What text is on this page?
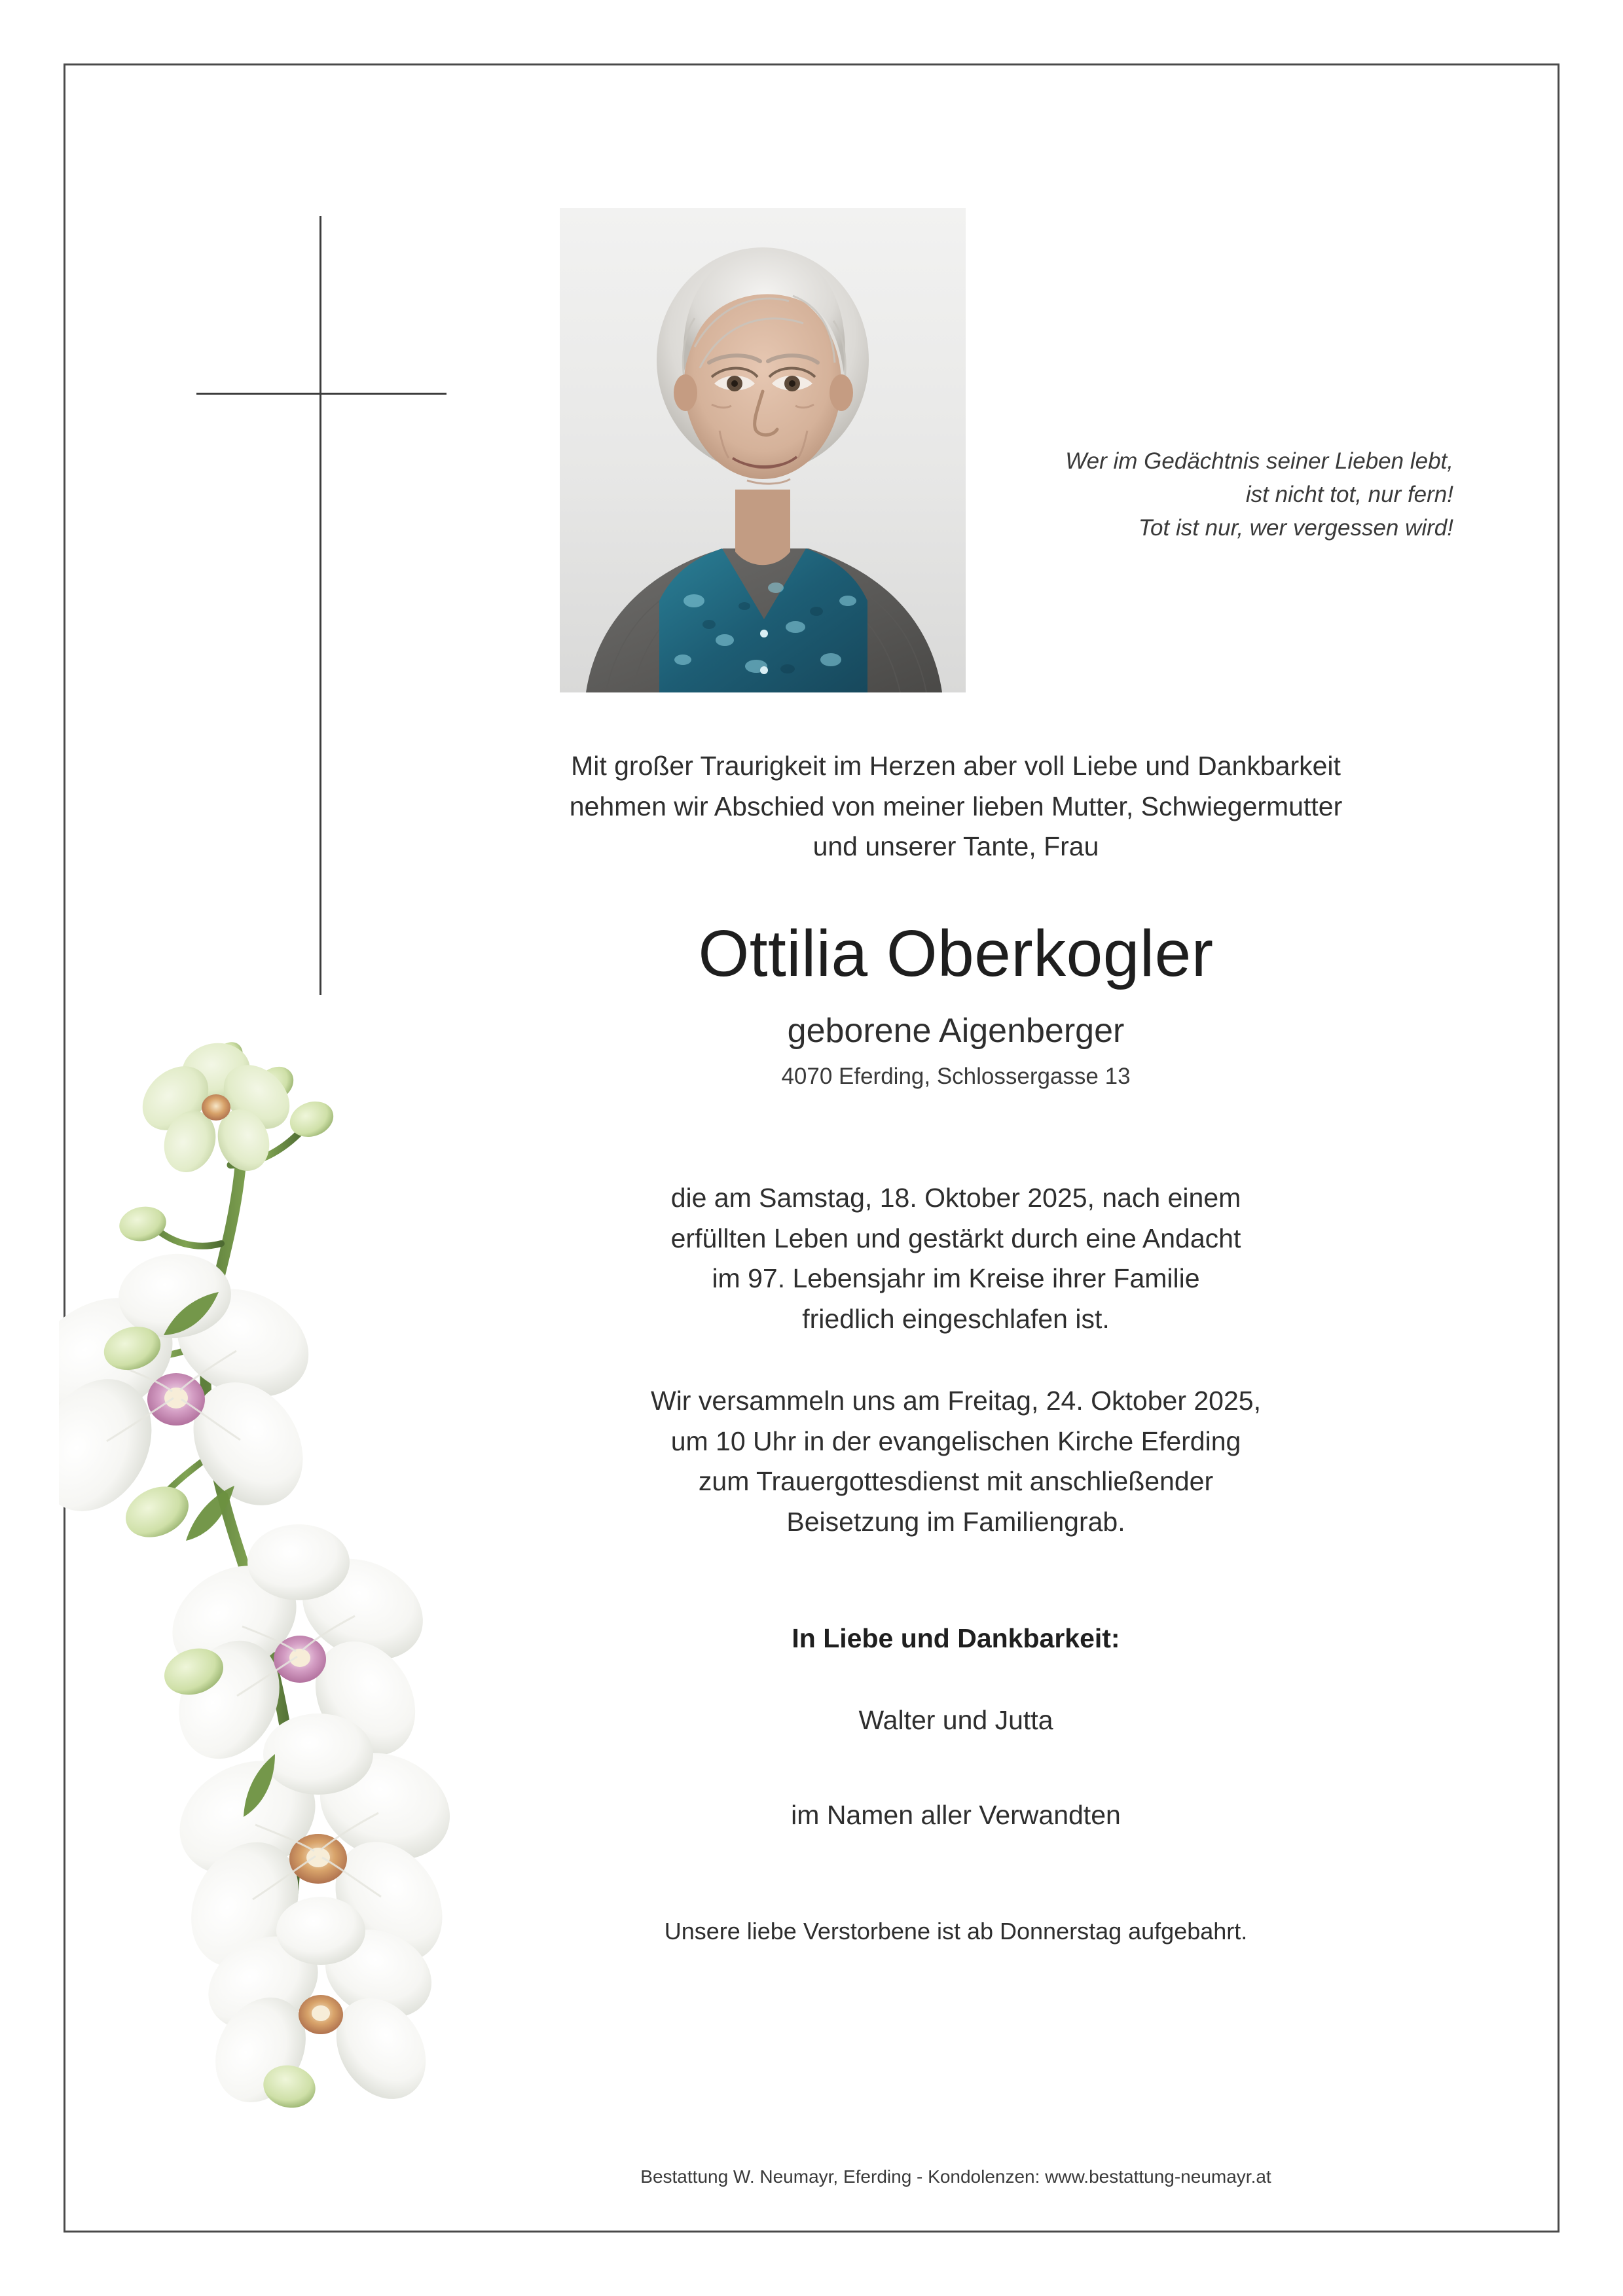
Wer im Gedächtnis seiner Lieben lebt,

ist nicht tot, nur fern!

Tot ist nur, wer vergessen wird!

Mit großer Traurigkeit im Herzen aber voll Liebe und Dankbarkeit

nehmen wir Abschied von meiner lieben Mutter, Schwiegermutter

und unserer Tante, Frau

Ottilia Oberkogler
geborene Aigenberger
4070 Eferding, Schlossergasse 13

die am Samstag, 18. Oktober 2025, nach einem

erfüllten Leben und gestärkt durch eine Andacht

im 97. Lebensjahr im Kreise ihrer Familie

friedlich eingeschlafen ist.

Wir versammeln uns am Freitag, 24. Oktober 2025,

um 10 Uhr in der evangelischen Kirche Eferding

zum Trauergottesdienst mit anschließender

Beisetzung im Familiengrab.

In Liebe und Dankbarkeit:
Walter und Jutta
im Namen aller Verwandten
Unsere liebe Verstorbene ist ab Donnerstag aufgebahrt.
Bestattung W. Neumayr, Eferding - Kondolenzen: www.bestattung-neumayr.at
